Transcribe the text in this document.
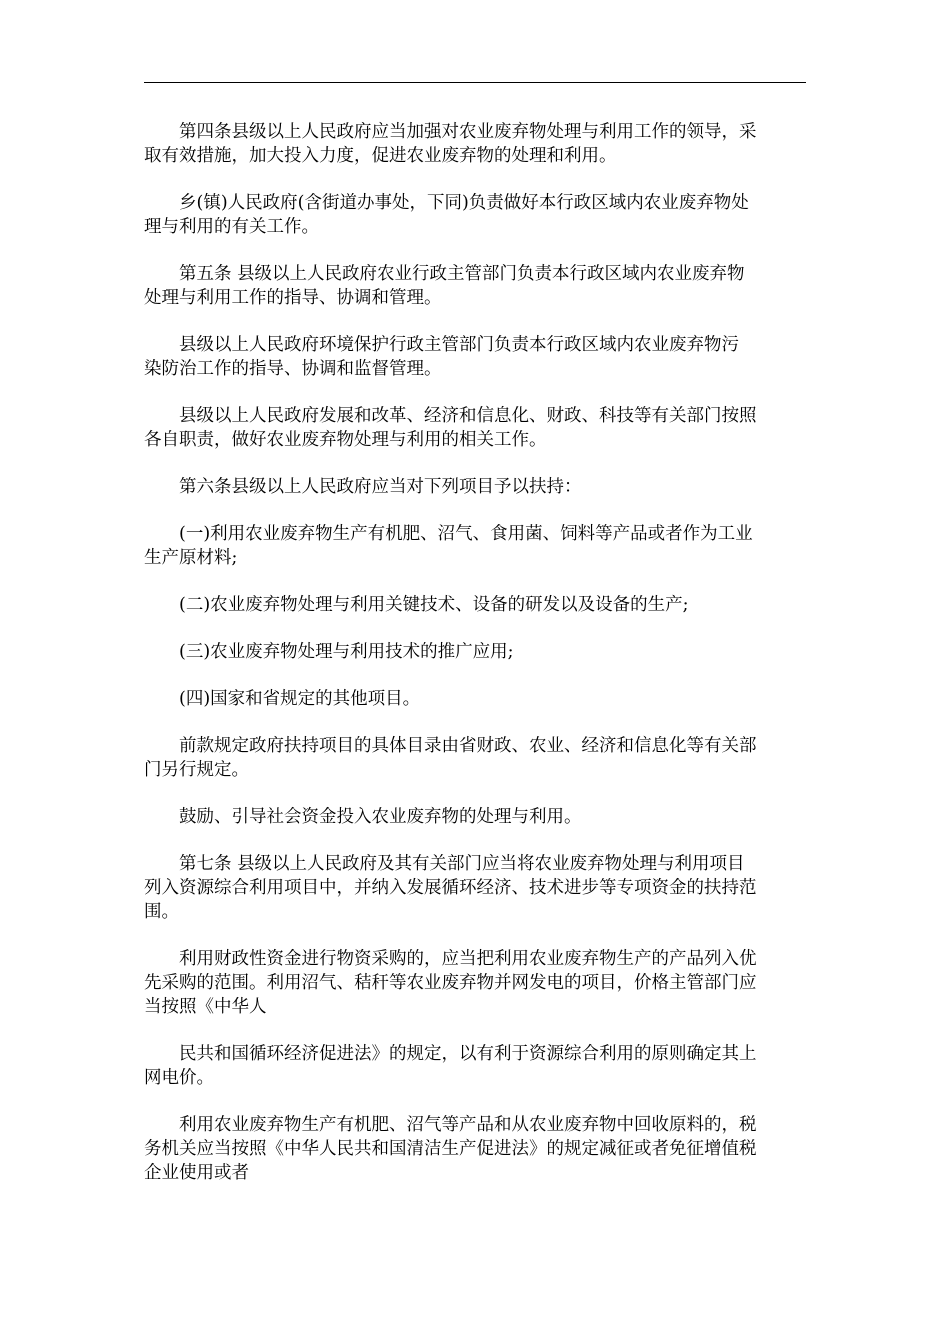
第四条县级以上人民政府应当加强对农业废弃物处理与利用工作的领导，采
取有效措施，加大投入力度，促进农业废弃物的处理和利用。

乡(镇)人民政府(含街道办事处，下同)负责做好本行政区域内农业废弃物处
理与利用的有关工作。

第五条 县级以上人民政府农业行政主管部门负责本行政区域内农业废弃物
处理与利用工作的指导、协调和管理。

县级以上人民政府环境保护行政主管部门负责本行政区域内农业废弃物污
染防治工作的指导、协调和监督管理。

县级以上人民政府发展和改革、经济和信息化、财政、科技等有关部门按照
各自职责，做好农业废弃物处理与利用的相关工作。

第六条县级以上人民政府应当对下列项目予以扶持：

(一)利用农业废弃物生产有机肥、沼气、食用菌、饲料等产品或者作为工业
生产原材料;

(二)农业废弃物处理与利用关键技术、设备的研发以及设备的生产;

(三)农业废弃物处理与利用技术的推广应用;

(四)国家和省规定的其他项目。

前款规定政府扶持项目的具体目录由省财政、农业、经济和信息化等有关部
门另行规定。

鼓励、引导社会资金投入农业废弃物的处理与利用。

第七条 县级以上人民政府及其有关部门应当将农业废弃物处理与利用项目
列入资源综合利用项目中，并纳入发展循环经济、技术进步等专项资金的扶持范
围。

利用财政性资金进行物资采购的，应当把利用农业废弃物生产的产品列入优
先采购的范围。利用沼气、秸秆等农业废弃物并网发电的项目，价格主管部门应
当按照《中华人

民共和国循环经济促进法》的规定，以有利于资源综合利用的原则确定其上
网电价。

利用农业废弃物生产有机肥、沼气等产品和从农业废弃物中回收原料的，税
务机关应当按照《中华人民共和国清洁生产促进法》的规定减征或者免征增值税
企业使用或者
